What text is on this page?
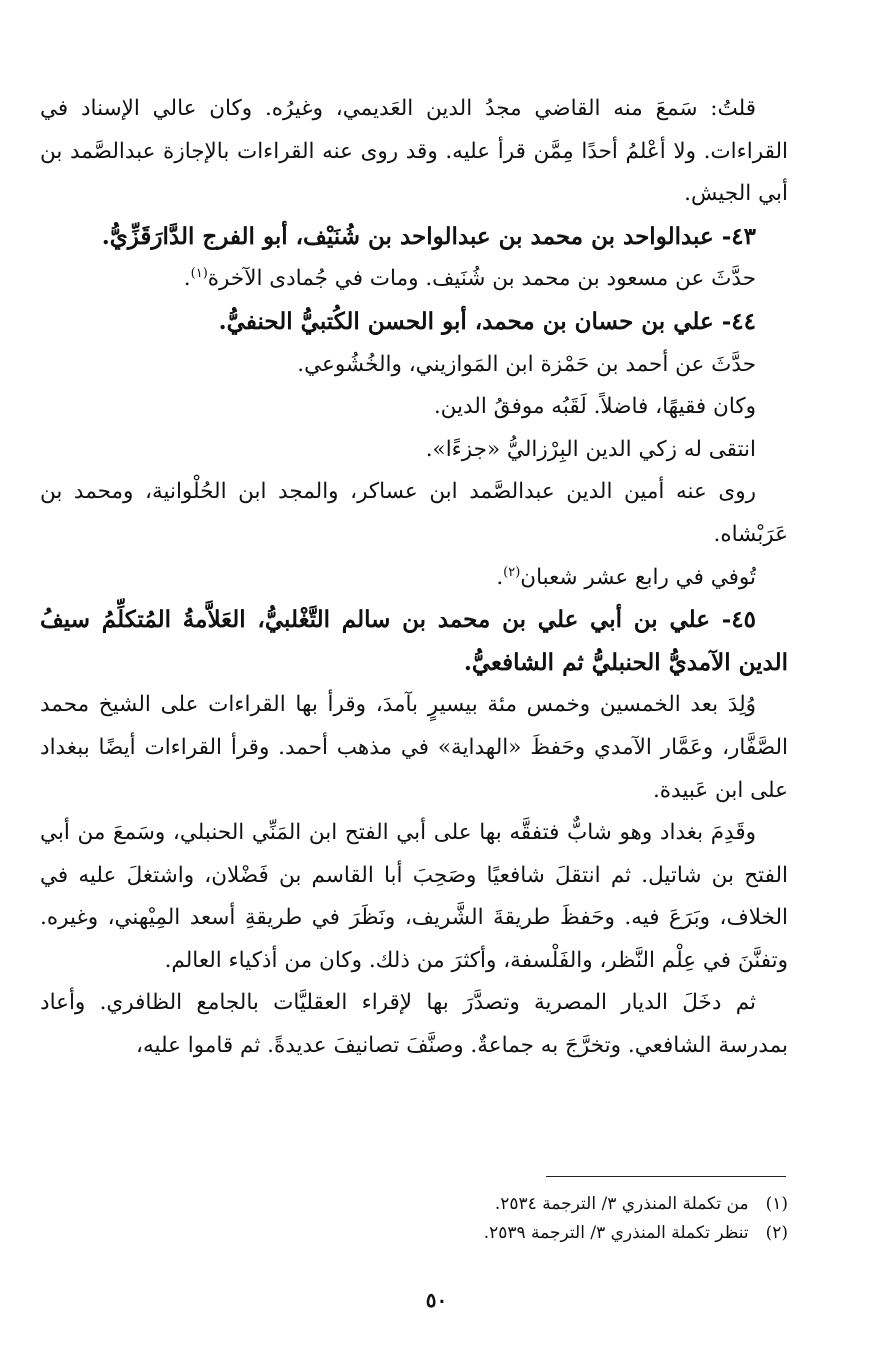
قلتُ: سَمعَ منه القاضي مجدُ الدين العَديمي، وغيرُه. وكان عالي الإسناد في القراءات. ولا أعْلمُ أحدًا مِمَّن قرأ عليه. وقد روى عنه القراءات بالإجازة عبدالصَّمد بن أبي الجيش.

٤٣- عبدالواحد بن محمد بن عبدالواحد بن شُنَيْف، أبو الفرج الدَّارَقَزِّيُّ.

حدَّثَ عن مسعود بن محمد بن شُنَيف. ومات في جُمادى الآخرة$^{(١)}$.

٤٤- علي بن حسان بن محمد، أبو الحسن الكُتبيُّ الحنفيُّ.

حدَّثَ عن أحمد بن حَمْزة ابن المَوازيني، والخُشُوعي.

وكان فقيهًا، فاضلاً. لَقَبُه موفقُ الدين.

انتقى له زكي الدين البِرْزاليُّ «جزءًا».

روى عنه أمين الدين عبدالصَّمد ابن عساكر، والمجد ابن الحُلْوانية، ومحمد بن عَرَبْشاه.

تُوفي في رابع عشر شعبان$^{(٢)}$.

٤٥- علي بن أبي علي بن محمد بن سالم التَّغْلبيُّ، العَلاَّمةُ المُتكلِّمُ سيفُ الدين الآمديُّ الحنبليُّ ثم الشافعيُّ.

وُلِدَ بعد الخمسين وخمس مئة بيسيرٍ بآمدَ، وقرأ بها القراءات على الشيخ محمد الصَّفَّار، وعَمَّار الآمدي وحَفظَ «الهداية» في مذهب أحمد. وقرأ القراءات أيضًا ببغداد على ابن عَبيدة.

وقَدِمَ بغداد وهو شابٌّ فتفقَّه بها على أبي الفتح ابن المَنِّي الحنبلي، وسَمعَ من أبي الفتح بن شاتيل. ثم انتقلَ شافعيًا وصَحِبَ أبا القاسم بن فَضْلان، واشتغلَ عليه في الخلاف، وبَرَعَ فيه. وحَفظَ طريقةَ الشَّريف، ونَظَرَ في طريقةِ أسعد المِيْهني، وغيره. وتفنَّنَ في عِلْم النَّظر، والفَلْسفة، وأكثرَ من ذلك. وكان من أذكياء العالم.

ثم دخَلَ الديار المصرية وتصدَّرَ بها لإقراء العقليَّات بالجامع الظافري. وأعاد بمدرسة الشافعي. وتخرَّجَ به جماعةٌ. وصنَّفَ تصانيفَ عديدةً. ثم قاموا عليه،

(١) من تكملة المنذري ٣/ الترجمة ٢٥٣٤.

(٢) تنظر تكملة المنذري ٣/ الترجمة ٢٥٣٩.

٥٠
